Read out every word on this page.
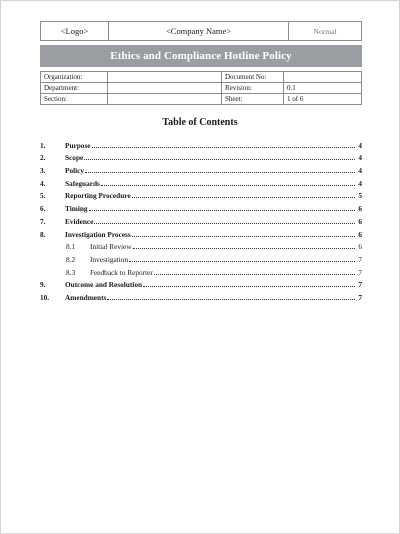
<Logo>	<Company Name>	Normal
Ethics and Compliance Hotline Policy
Organization:		Document No:	
Department:		Revision:	0.1
Section:		Sheet:	1 of 6
Table of Contents
1.	Purpose	4
2.	Scope	4
3.	Policy	4
4.	Safeguards	4
5.	Reporting Procedure	5
6.	Timing	6
7.	Evidence	6
8.	Investigation Process	6
8.1	Initial Review	6
8.2	Investigation	7
8.3	Feedback to Reporter	7
9.	Outcome and Resolution	7
10.	Amendments	7
